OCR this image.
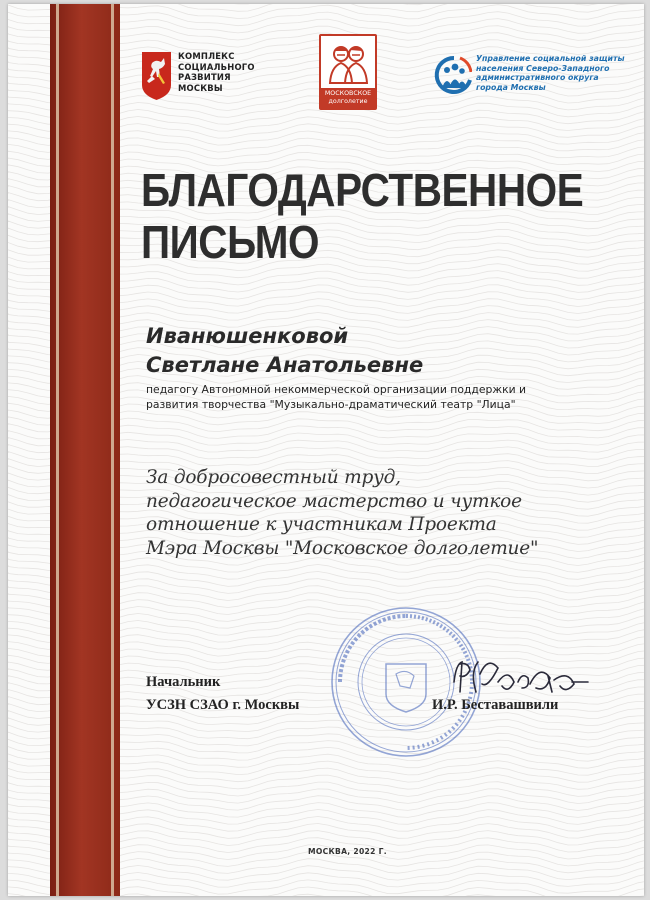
КОМПЛЕКС
СОЦИАЛЬНОГО
РАЗВИТИЯ
МОСКВЫ
МОСКОВСКОЕ долголетие
Управление социальной защиты
населения Северо-Западного
административного округа
города Москвы
БЛАГОДАРСТВЕННОЕ
ПИСЬМО
Иванюшенковой
Светлане Анатольевне
педагогу Автономной некоммерческой организации поддержки и
развития творчества "Музыкально-драматический театр "Лица"
За добросовестный труд,
педагогическое мастерство и чуткое
отношение к участникам Проекта
Мэра Москвы "Московское долголетие"
Начальник
УСЗН СЗАО г. Москвы	И.Р. Беставашвили
МОСКВА, 2022 Г.
